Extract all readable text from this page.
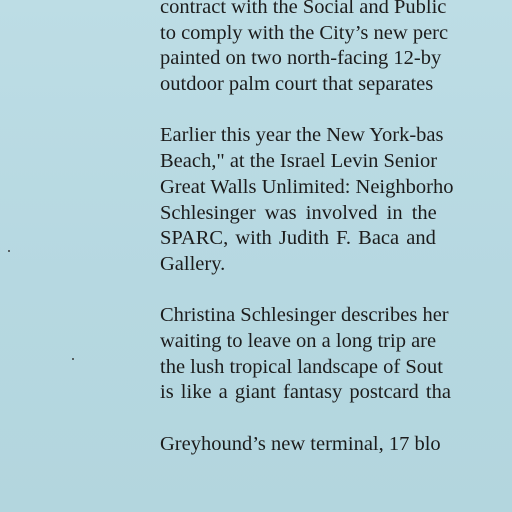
contract with the Social and Public
to comply with the City’s new perc
painted on two north-facing 12-by
outdoor palm court that separates

Earlier this year the New York-bas
Beach," at the Israel Levin Senior
Great Walls Unlimited: Neighborho
Schlesinger was involved in the
SPARC, with Judith F. Baca and
Gallery.

Christina Schlesinger describes her
waiting to leave on a long trip are
the lush tropical landscape of Sout
is like a giant fantasy postcard tha

Greyhound’s new terminal, 17 blo
